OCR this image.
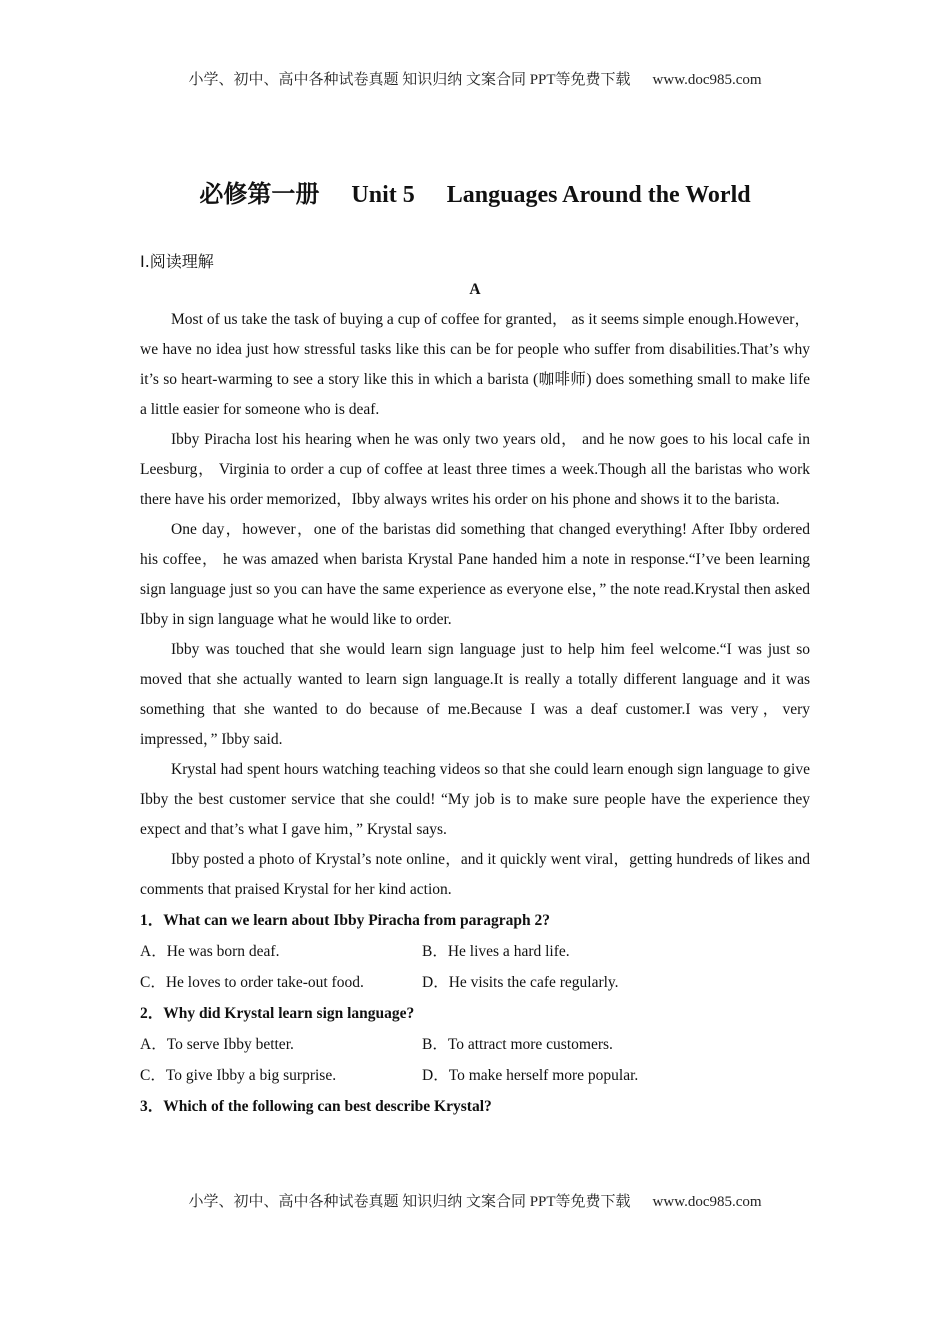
小学、初中、高中各种试卷真题 知识归纳 文案合同 PPT等免费下载 www.doc985.com
必修第一册 Unit 5 Languages Around the World
Ⅰ.阅读理解

A

Most of us take the task of buying a cup of coffee for granted， as it seems simple enough.However，we have no idea just how stressful tasks like this can be for people who suffer from disabilities.That’s why it’s so heart-warming to see a story like this in which a barista (咖啡师) does something small to make life a little easier for someone who is deaf.

Ibby Piracha lost his hearing when he was only two years old， and he now goes to his local cafe in Leesburg， Virginia to order a cup of coffee at least three times a week.Though all the baristas who work there have his order memorized，Ibby always writes his order on his phone and shows it to the barista.

One day，however，one of the baristas did something that changed everything! After Ibby ordered his coffee， he was amazed when barista Krystal Pane handed him a note in response.“I’ve been learning sign language just so you can have the same experience as everyone else，” the note read.Krystal then asked Ibby in sign language what he would like to order.

Ibby was touched that she would learn sign language just to help him feel welcome.“I was just so moved that she actually wanted to learn sign language.It is really a totally different language and it was something that she wanted to do because of me.Because I was a deaf customer.I was very，very impressed，” Ibby said.

Krystal had spent hours watching teaching videos so that she could learn enough sign language to give Ibby the best customer service that she could! “My job is to make sure people have the experience they expect and that’s what I gave him，” Krystal says.

Ibby posted a photo of Krystal’s note online，and it quickly went viral，getting hundreds of likes and comments that praised Krystal for her kind action.

1．What can we learn about Ibby Piracha from paragraph 2?

A．He was born deaf.	B．He lives a hard life.
C．He loves to order take-out food.	D．He visits the cafe regularly.

2．Why did Krystal learn sign language?

A．To serve Ibby better.	B．To attract more customers.
C．To give Ibby a big surprise.	D．To make herself more popular.

3．Which of the following can best describe Krystal?

小学、初中、高中各种试卷真题 知识归纳 文案合同 PPT等免费下载 www.doc985.com
